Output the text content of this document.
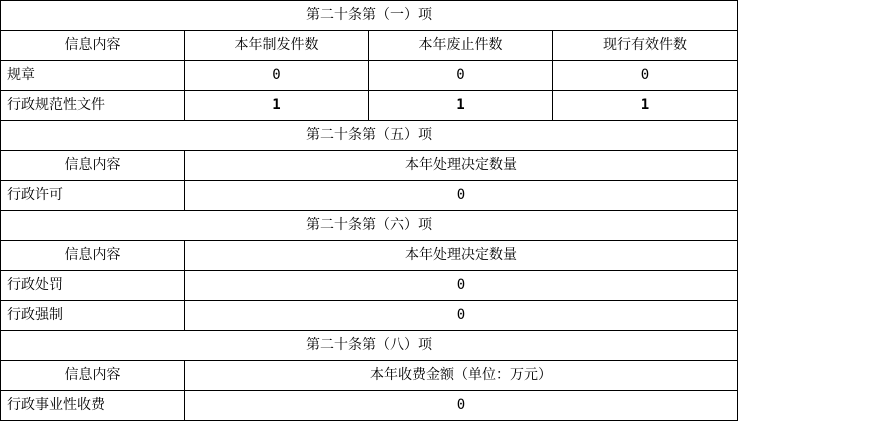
第二十条第（一）项			
信息内容	本年制发件数	本年废止件数	现行有效件数
规章	0	0	0
行政规范性文件	1	1	1
第二十条第（五）项			
信息内容	本年处理决定数量		
行政许可	0		
第二十条第（六）项			
信息内容	本年处理决定数量		
行政处罚	0		
行政强制	0		
第二十条第（八）项			
信息内容	本年收费金额（单位：万元）		
行政事业性收费	0		
